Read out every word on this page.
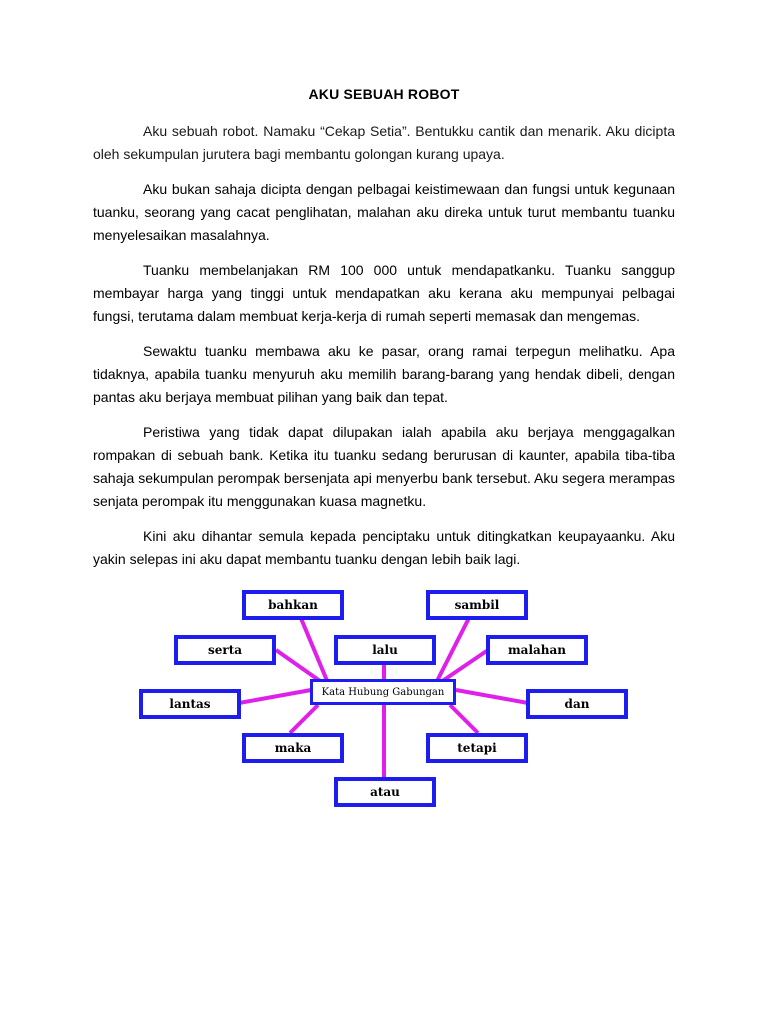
AKU SEBUAH ROBOT

Aku sebuah robot. Namaku “Cekap Setia”. Bentukku cantik dan menarik. Aku dicipta oleh sekumpulan jurutera bagi membantu golongan kurang upaya.

Aku bukan sahaja dicipta dengan pelbagai keistimewaan dan fungsi untuk kegunaan tuanku, seorang yang cacat penglihatan, malahan aku direka untuk turut membantu tuanku menyelesaikan masalahnya.

Tuanku membelanjakan RM 100 000 untuk mendapatkanku. Tuanku sanggup membayar harga yang tinggi untuk mendapatkan aku kerana aku mempunyai pelbagai fungsi, terutama dalam membuat kerja-kerja di rumah seperti memasak dan mengemas.

Sewaktu tuanku membawa aku ke pasar, orang ramai terpegun melihatku. Apa tidaknya, apabila tuanku menyuruh aku memilih barang-barang yang hendak dibeli, dengan pantas aku berjaya membuat pilihan yang baik dan tepat.

Peristiwa yang tidak dapat dilupakan ialah apabila aku berjaya menggagalkan rompakan di sebuah bank. Ketika itu tuanku sedang berurusan di kaunter, apabila tiba-tiba sahaja sekumpulan perompak bersenjata api menyerbu bank tersebut. Aku segera merampas senjata perompak itu menggunakan kuasa magnetku.

Kini aku dihantar semula kepada penciptaku untuk ditingkatkan keupayaanku. Aku yakin selepas ini aku dapat membantu tuanku dengan lebih baik lagi.

bahkan	sambil
serta	lalu	malahan
lantas	dan
maka	tetapi
atau
Kata Hubung Gabungan
